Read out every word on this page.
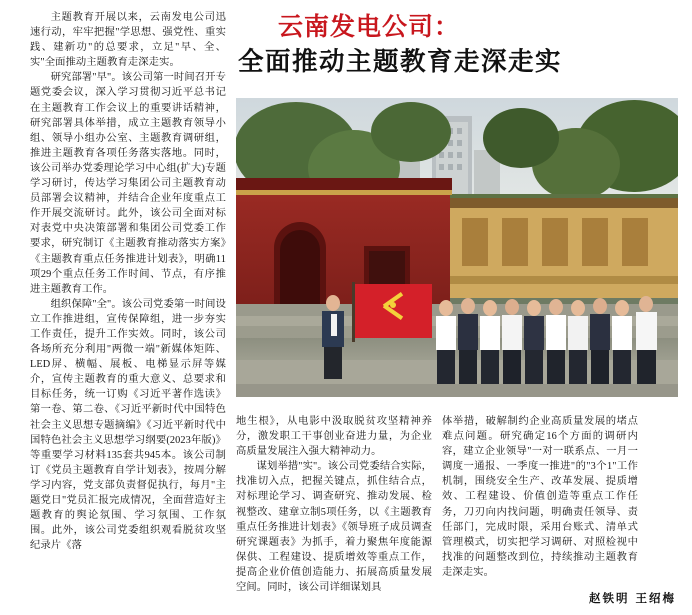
主题教育开展以来，云南发电公司迅速行动，牢牢把握"学思想、强党性、重实践、建新功"的总要求，立足"早、全、实"全面推动主题教育走深走实。

研究部署"早"。该公司第一时间召开专题党委会议，深入学习贯彻习近平总书记在主题教育工作会议上的重要讲话精神，研究部署具体举措，成立主题教育领导小组、领导小组办公室、主题教育调研组，推进主题教育各项任务落实落地。同时，该公司举办党委理论学习中心组(扩大)专题学习研讨，传达学习集团公司主题教育动员部署会议精神，并结合企业年度重点工作开展交流研讨。此外，该公司全面对标对表党中央决策部署和集团公司党委工作要求，研究制订《主题教育推动落实方案》《主题教育重点任务推进计划表》，明确11项29个重点任务工作时间、节点，有序推进主题教育工作。

组织保障"全"。该公司党委第一时间设立工作推进组，宣传保障组，进一步夯实工作责任，提升工作实效。同时，该公司各场所充分利用"两微一端"新媒体矩阵、LED屏、横幅、展板、电梯显示屏等媒介，宣传主题教育的重大意义、总要求和目标任务，统一订购《习近平著作选读》第一卷、第二卷、《习近平新时代中国特色社会主义思想专题摘编》《习近平新时代中国特色社会主义思想学习纲要(2023年版)》等重要学习材料135套共945本。该公司制订《党员主题教育自学计划表》，按周分解学习内容，党支部负责督促执行，每月"主题党日"党员汇报完成情况，全面营造好主题教育的舆论氛围、学习氛围、工作氛围。此外，该公司党委组织观看脱贫攻坚纪录片《落

云南发电公司：
全面推动主题教育走深走实

地生根》，从电影中汲取脱贫攻坚精神养分，激发职工干事创业奋进力量，为企业高质量发展注入强大精神动力。

谋划举措"实"。该公司党委结合实际，找准切入点，把握关键点，抓住结合点，对标理论学习、调查研究、推动发展、检视整改、建章立制5项任务，以《主题教育重点任务推进计划表》《领导班子成员调查研究课题表》为抓手，着力聚焦年度能源保供、工程建设、提质增效等重点工作，提高企业价值创造能力、拓展高质量发展空间。同时，该公司详细谋划具

体举措，破解制约企业高质量发展的堵点难点问题。研究确定16个方面的调研内容，建立企业领导"一对一联系点、一月一调度一通报、一季度一推进"的"3个1"工作机制，围绕安全生产、改革发展、提质增效、工程建设、价值创造等重点工作任务，刀刃向内找问题，明确责任领导、责任部门，完成时限，采用台账式、清单式管理模式，切实把学习调研、对照检视中找准的问题整改到位，持续推动主题教育走深走实。

赵铁明 王绍梅
